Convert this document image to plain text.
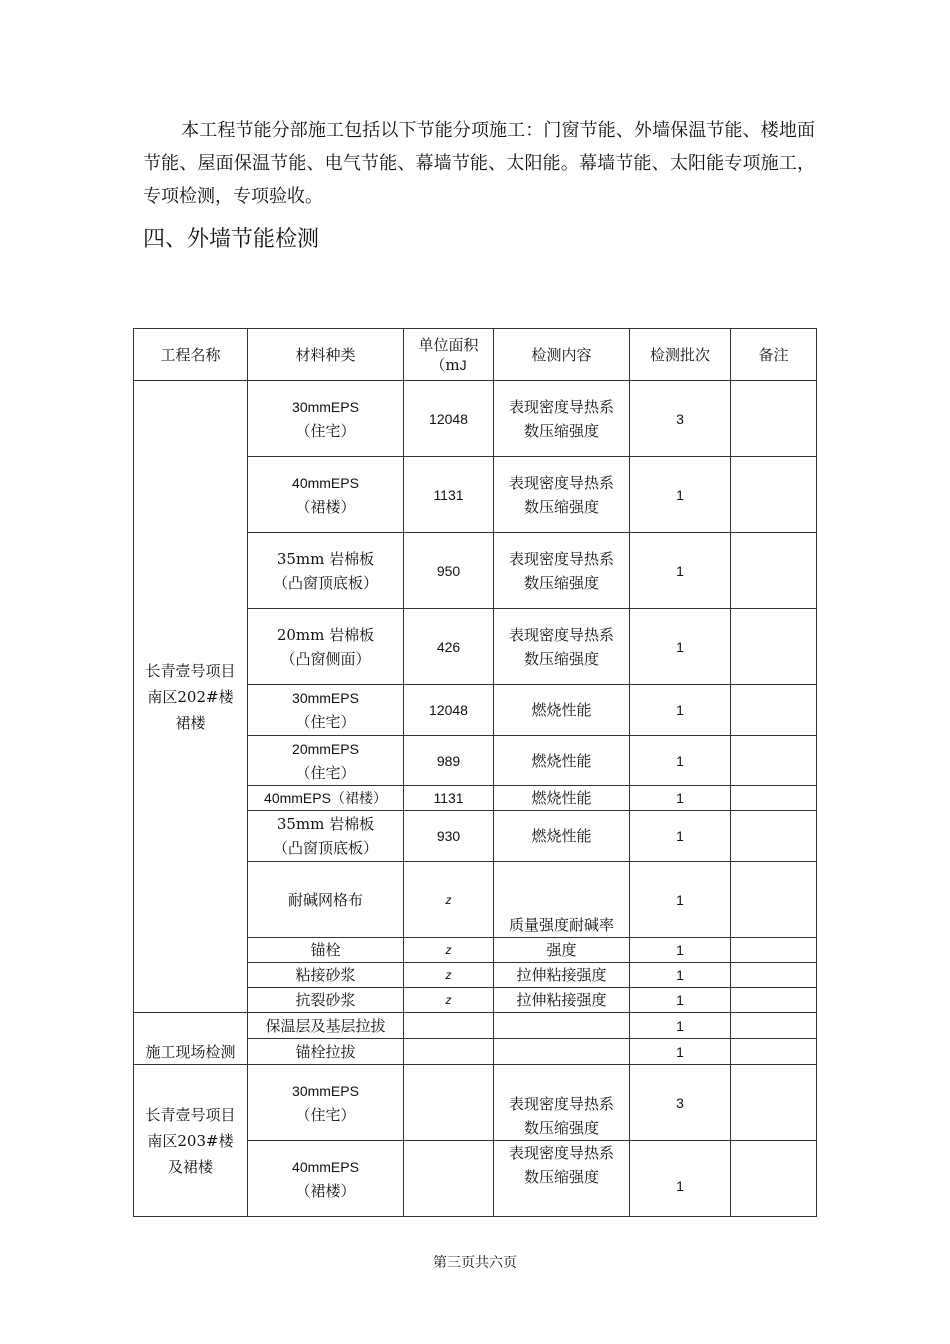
本工程节能分部施工包括以下节能分项施工：门窗节能、外墙保温节能、楼地面节能、屋面保温节能、电气节能、幕墙节能、太阳能。幕墙节能、太阳能专项施工，专项检测，专项验收。

四、外墙节能检测
工程名称	材料种类	单位面积（mJ	检测内容	检测批次	备注
长青壹号项目南区202#楼裙楼	30mmEPS
（住宅）	12048	表现密度导热系数压缩强度	3	
	40mmEPS
（裙楼）	1131	表现密度导热系数压缩强度	1	
	35mm 岩棉板
（凸窗顶底板）	950	表现密度导热系数压缩强度	1	
	20mm 岩棉板
（凸窗侧面）	426	表现密度导热系数压缩强度	1	
	30mmEPS
（住宅）	12048	燃烧性能	1	
	20mmEPS
（住宅）	989	燃烧性能	1	
	40mmEPS（裙楼）	1131	燃烧性能	1	
	35mm 岩棉板
（凸窗顶底板）	930	燃烧性能	1	
	耐碱网格布	z	质量强度耐碱率	1	
	锚栓	z	强度	1	
	粘接砂浆	z	拉伸粘接强度	1	
	抗裂砂浆	z	拉伸粘接强度	1	
施工现场检测	保温层及基层拉拔			1	
	锚栓拉拔			1	
长青壹号项目南区203#楼及裙楼	30mmEPS
（住宅）		表现密度导热系数压缩强度	3	
	40mmEPS
（裙楼）		表现密度导热系数压缩强度	1	
第三页共六页
